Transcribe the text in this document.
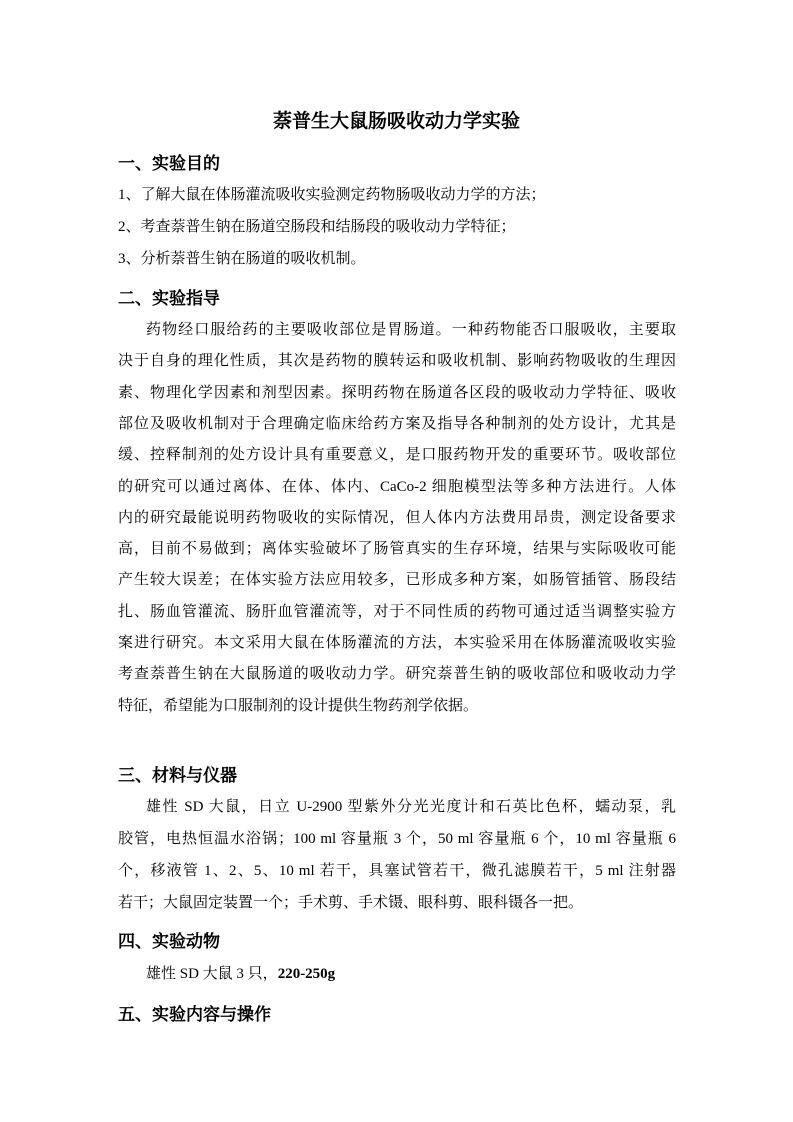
萘普生大鼠肠吸收动力学实验
一、实验目的
1、了解大鼠在体肠灌流吸收实验测定药物肠吸收动力学的方法；
2、考查萘普生钠在肠道空肠段和结肠段的吸收动力学特征；
3、分析萘普生钠在肠道的吸收机制。
二、实验指导
药物经口服给药的主要吸收部位是胃肠道。一种药物能否口服吸收，主要取
决于自身的理化性质，其次是药物的膜转运和吸收机制、影响药物吸收的生理因
素、物理化学因素和剂型因素。探明药物在肠道各区段的吸收动力学特征、吸收
部位及吸收机制对于合理确定临床给药方案及指导各种制剂的处方设计，尤其是
缓、控释制剂的处方设计具有重要意义，是口服药物开发的重要环节。吸收部位
的研究可以通过离体、在体、体内、CaCo-2 细胞模型法等多种方法进行。人体
内的研究最能说明药物吸收的实际情况，但人体内方法费用昂贵，测定设备要求
高，目前不易做到；离体实验破坏了肠管真实的生存环境，结果与实际吸收可能
产生较大误差；在体实验方法应用较多，已形成多种方案，如肠管插管、肠段结
扎、肠血管灌流、肠肝血管灌流等，对于不同性质的药物可通过适当调整实验方
案进行研究。本文采用大鼠在体肠灌流的方法，本实验采用在体肠灌流吸收实验
考查萘普生钠在大鼠肠道的吸收动力学。研究萘普生钠的吸收部位和吸收动力学
特征，希望能为口服制剂的设计提供生物药剂学依据。
三、材料与仪器
雄性 SD 大鼠，日立 U-2900 型紫外分光光度计和石英比色杯，蠕动泵，乳
胶管，电热恒温水浴锅；100 ml 容量瓶 3 个，50 ml 容量瓶 6 个，10 ml 容量瓶 6
个，移液管 1、2、5、10 ml 若干，具塞试管若干，微孔滤膜若干，5 ml 注射器
若干；大鼠固定装置一个；手术剪、手术镊、眼科剪、眼科镊各一把。
四、实验动物
雄性 SD 大鼠 3 只，220-250g
五、实验内容与操作
